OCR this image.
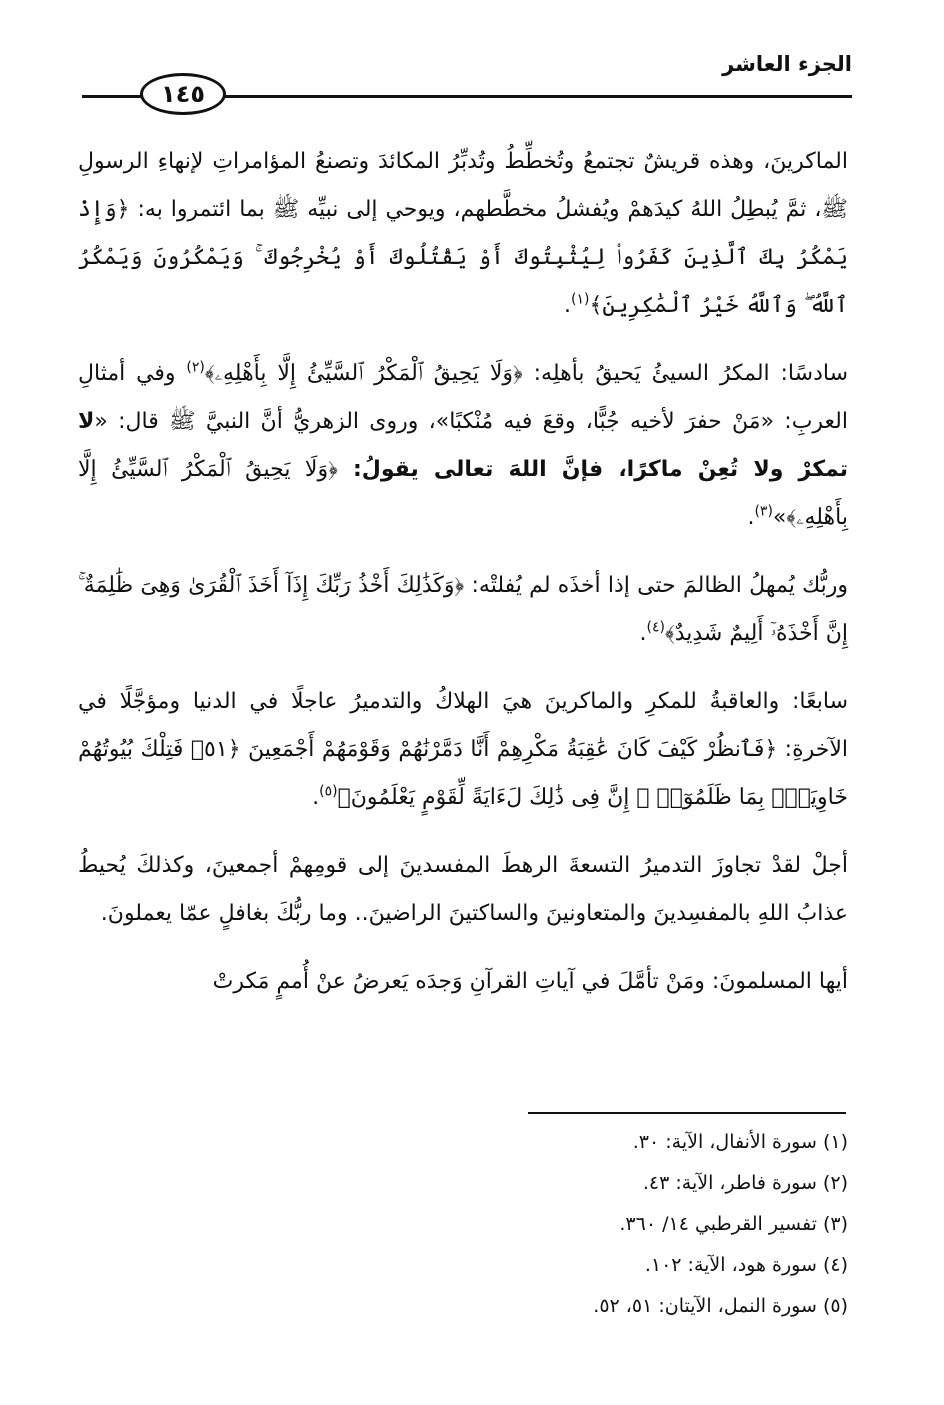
الجزء العاشر
١٤٥

الماكرينَ، وهذه قريشٌ تجتمعُ وتُخطِّطُ وتُدبِّرُ المكائدَ وتصنعُ المؤامراتِ لإنهاءِ الرسولِ ﷺ، ثمَّ يُبطِلُ اللهُ كيدَهمْ ويُفشلُ مخطَّطهم، ويوحي إلى نبيِّه ﷺ بما ائتمروا به: ﴿وَإِذْ يَمْكُرُ بِكَ ٱلَّذِينَ كَفَرُوا۟ لِيُثْبِتُوكَ أَوْ يَقْتُلُوكَ أَوْ يُخْرِجُوكَ ۚ وَيَمْكُرُونَ وَيَمْكُرُ ٱللَّهُ ۖ وَٱللَّهُ خَيْرُ ٱلْمَٰكِرِينَ﴾$^{(١)}$.

سادسًا: المكرُ السيئُ يَحيقُ بأهلِه: ﴿وَلَا يَحِيقُ ٱلْمَكْرُ ٱلسَّيِّئُ إِلَّا بِأَهْلِهِۦ﴾$^{(٢)}$ وفي أمثالِ العربِ: «مَنْ حفرَ لأخيه جُبًّا، وقعَ فيه مُنْكبًا»، وروى الزهريُّ أنَّ النبيَّ ﷺ قال: «لا تمكرْ ولا تُعِنْ ماكرًا، فإنَّ اللهَ تعالى يقولُ: ﴿وَلَا يَحِيقُ ٱلْمَكْرُ ٱلسَّيِّئُ إِلَّا بِأَهْلِهِۦ﴾»$^{(٣)}$.

وربُّك يُمهلُ الظالمَ حتى إذا أخذَه لم يُفلتْه: ﴿وَكَذَٰلِكَ أَخْذُ رَبِّكَ إِذَآ أَخَذَ ٱلْقُرَىٰ وَهِىَ ظَٰلِمَةٌ ۚ إِنَّ أَخْذَهُۥٓ أَلِيمٌ شَدِيدٌ﴾$^{(٤)}$.

سابعًا: والعاقبةُ للمكرِ والماكرينَ هيَ الهلاكُ والتدميرُ عاجلًا في الدنيا ومؤجَّلًا في الآخرةِ: ﴿فَٱنظُرْ كَيْفَ كَانَ عَٰقِبَةُ مَكْرِهِمْ أَنَّا دَمَّرْنَٰهُمْ وَقَوْمَهُمْ أَجْمَعِينَ ﴿٥١﴾ فَتِلْكَ بُيُوتُهُمْ خَاوِيَةًۢ بِمَا ظَلَمُوٓا۟ ۗ إِنَّ فِى ذَٰلِكَ لَءَايَةً لِّقَوْمٍ يَعْلَمُونَ﴾$^{(٥)}$.

أجلْ لقدْ تجاوزَ التدميرُ التسعةَ الرهطَ المفسدينَ إلى قومِهمْ أجمعينَ، وكذلكَ يُحيطُ عذابُ اللهِ بالمفسِدينَ والمتعاونينَ والساكتينَ الراضينَ.. وما ربُّكَ بغافلٍ عمّا يعملونَ.

أيها المسلمونَ: ومَنْ تأمَّلَ في آياتِ القرآنِ وَجدَه يَعرضُ عنْ أُممٍ مَكرتْ

(١) سورة الأنفال، الآية: ٣٠.
(٢) سورة فاطر، الآية: ٤٣.
(٣) تفسير القرطبي ١٤/ ٣٦٠.
(٤) سورة هود، الآية: ١٠٢.
(٥) سورة النمل، الآيتان: ٥١، ٥٢.
